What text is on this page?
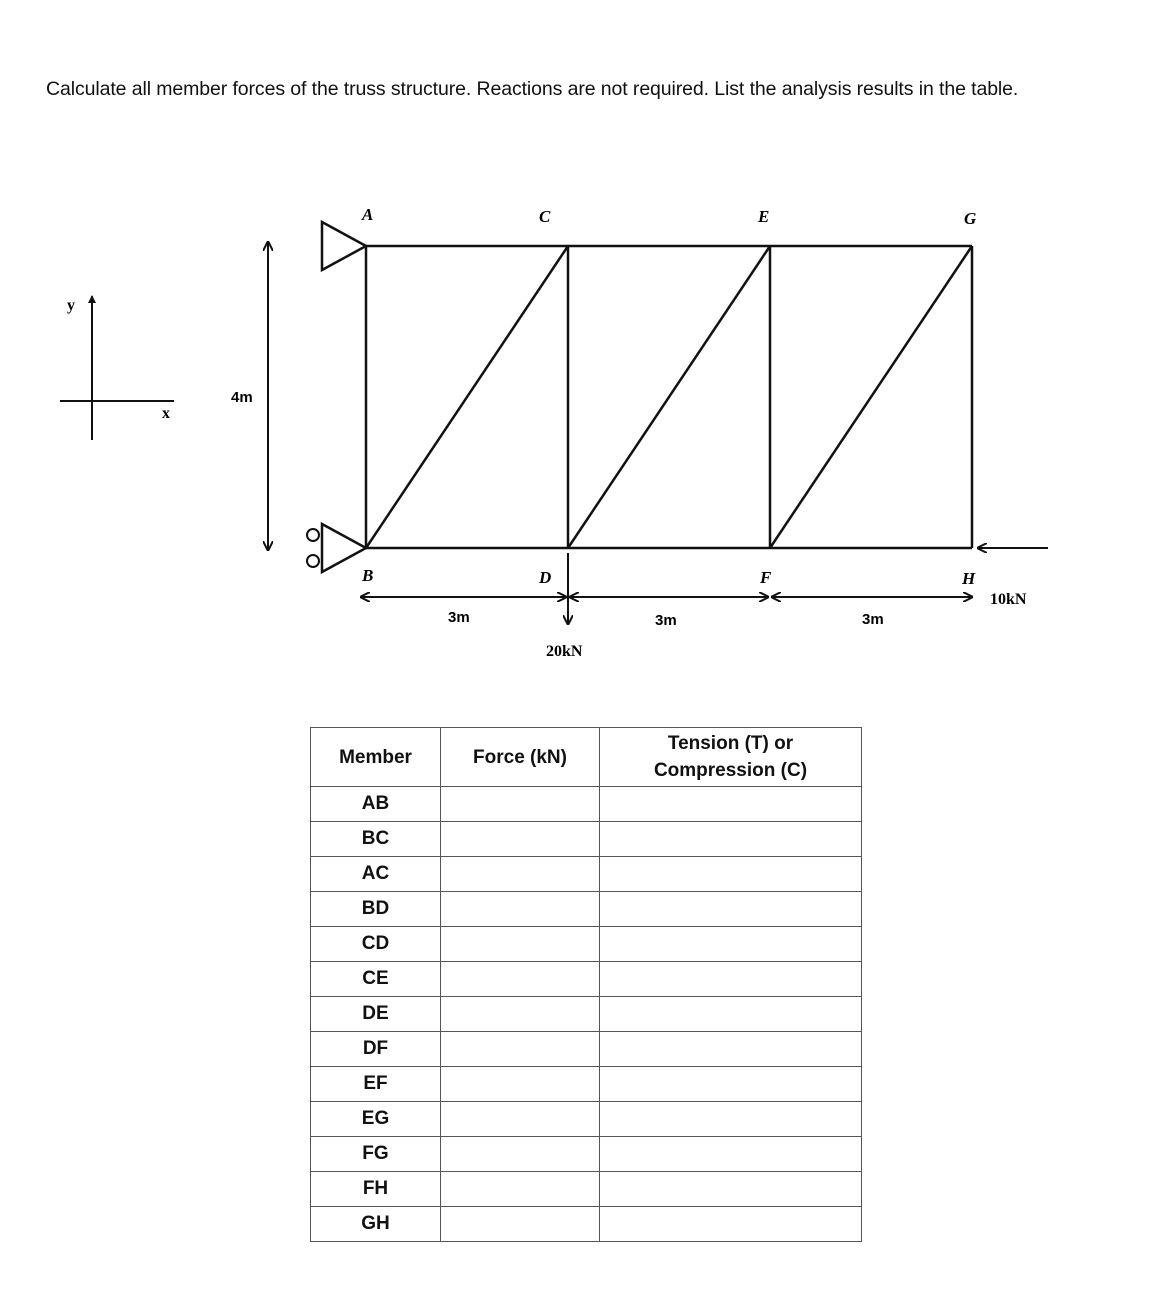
Calculate all member forces of the truss structure. Reactions are not required. List the analysis results in the table.
y
x
4m
A	C	E	G
B	D	F	H
3m	3m	3m
20kN
10kN
Member	Force (kN)	Tension (T) or
Compression (C)
AB		
BC		
AC		
BD		
CD		
CE		
DE		
DF		
EF		
EG		
FG		
FH		
GH		
